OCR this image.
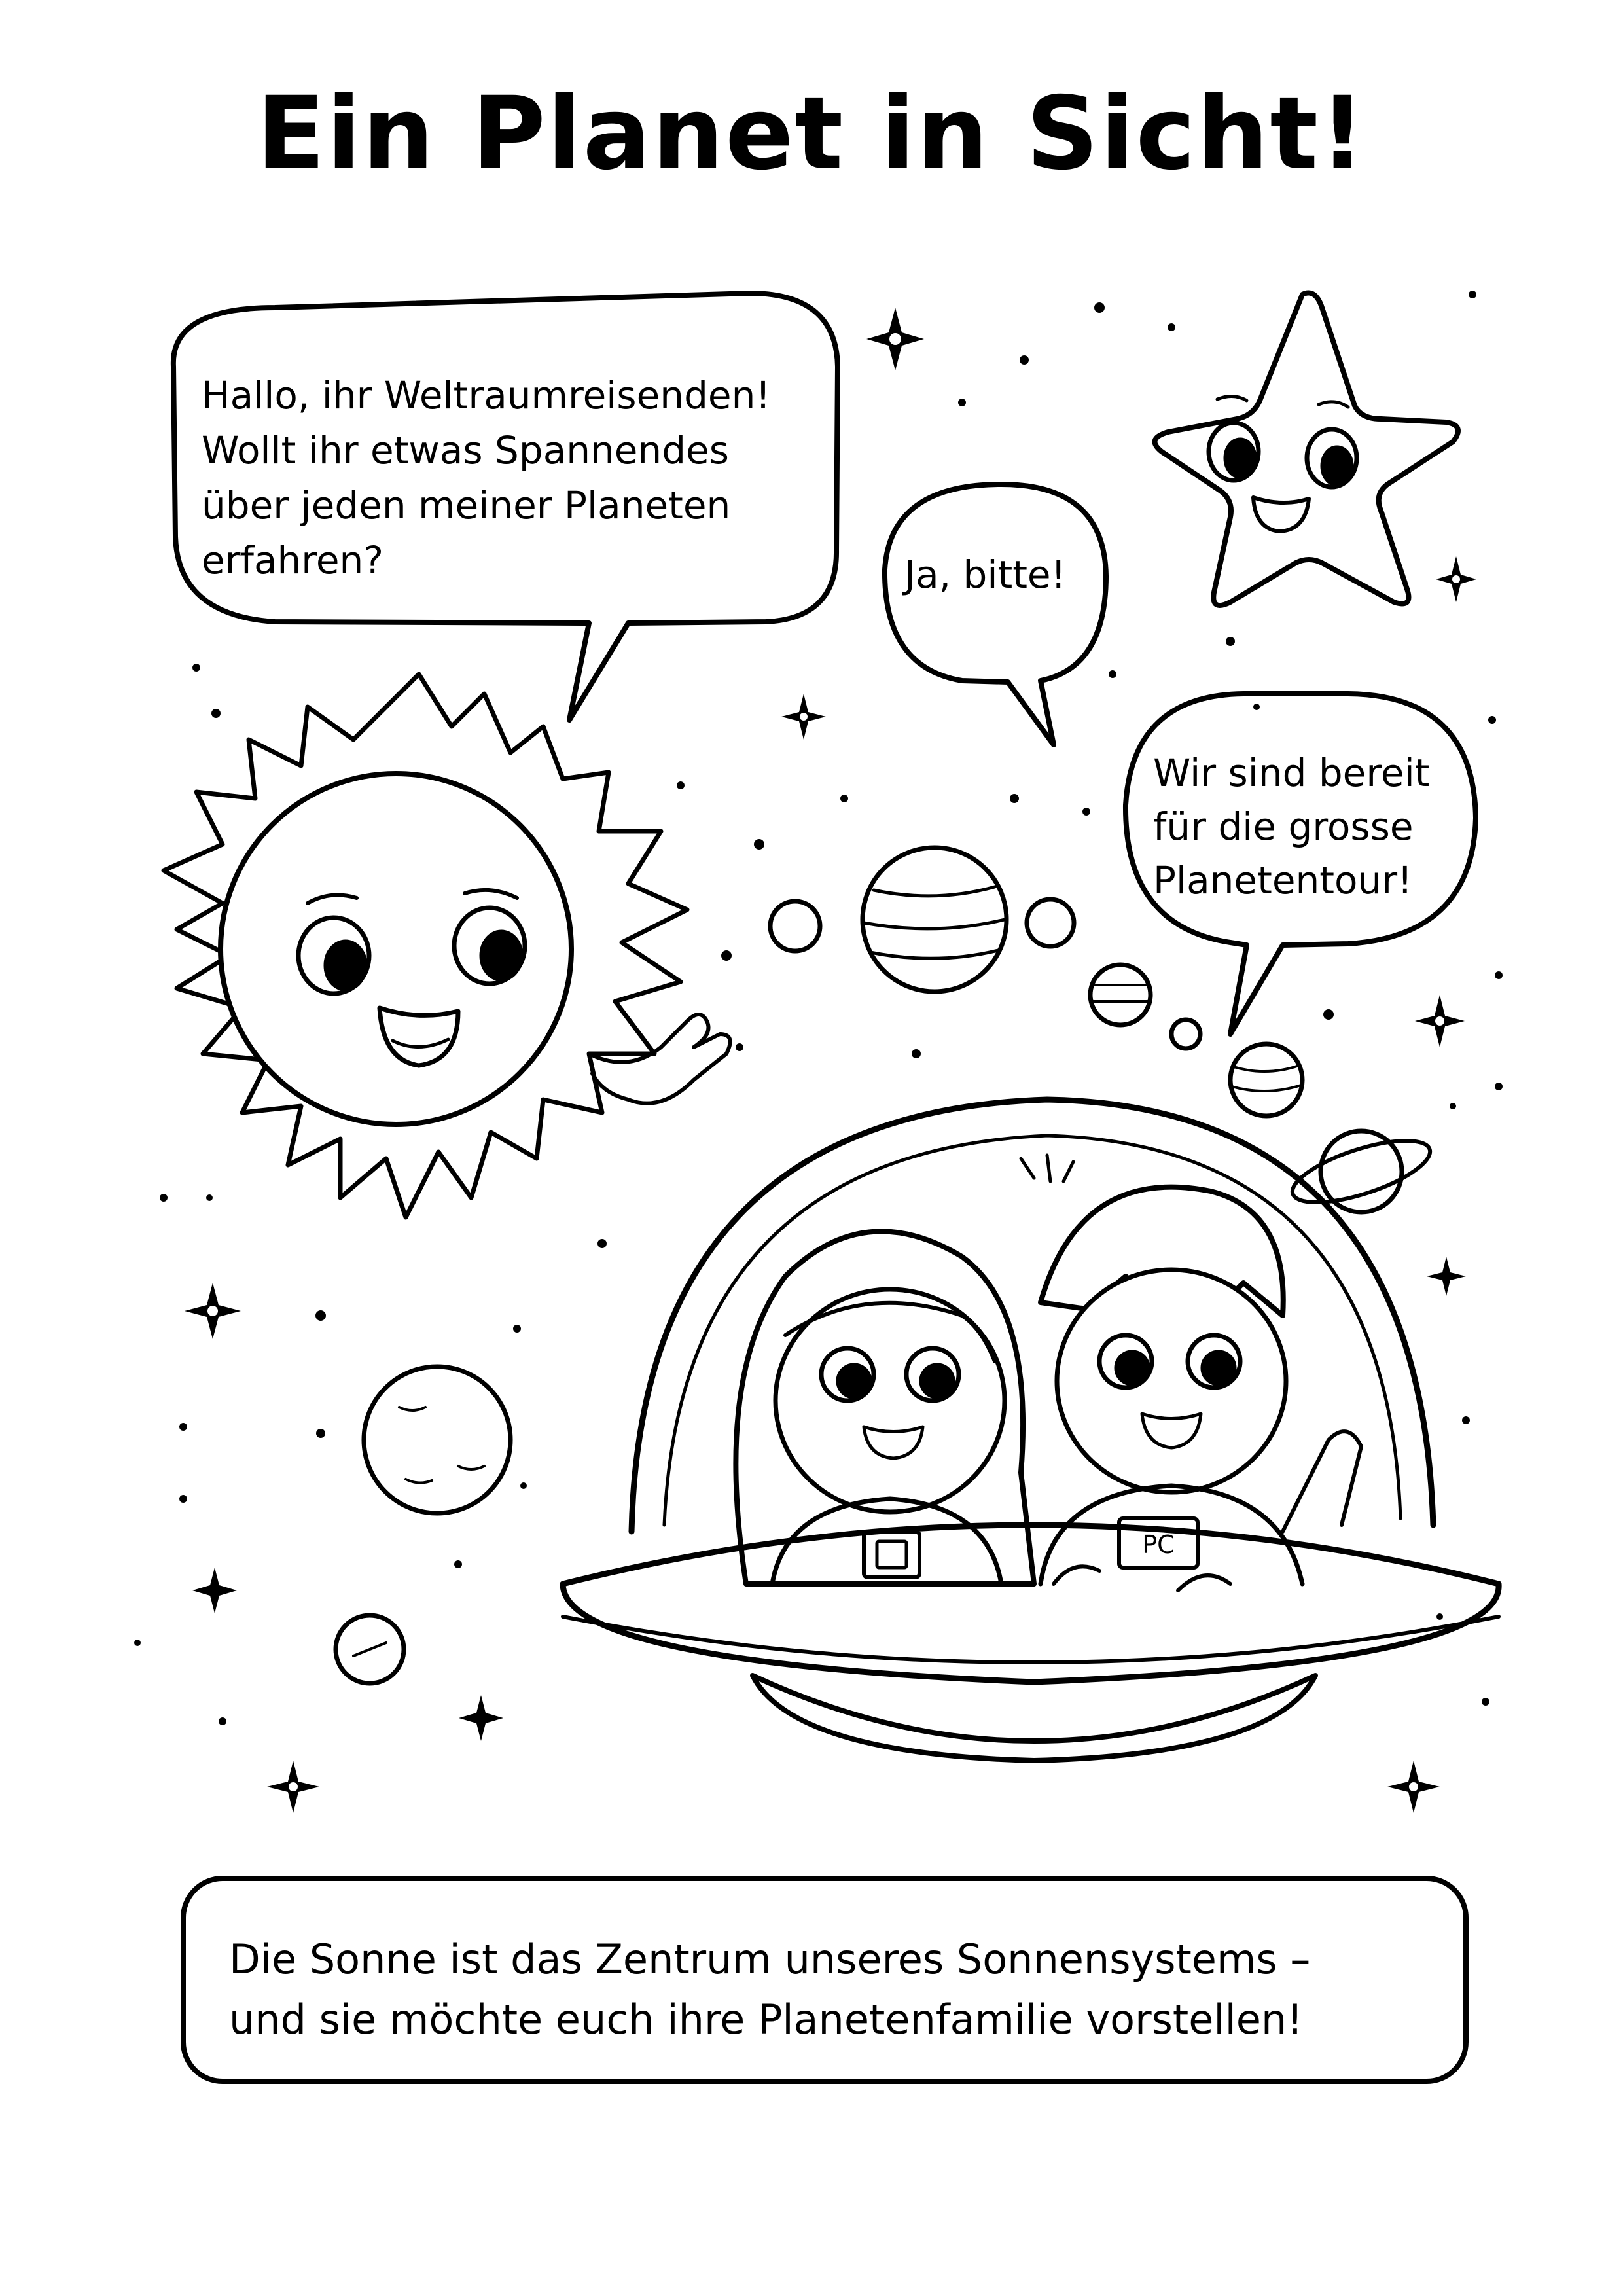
Ein Planet in Sicht!
Hallo, ihr Weltraumreisenden!
Wollt ihr etwas Spannendes
über jeden meiner Planeten
erfahren?	Ja, bitte!
Wir sind bereit
für die grosse
Planetentour!
Die Sonne ist das Zentrum unseres Sonnensystems –
und sie möchte euch ihre Planetenfamilie vorstellen!
PC
